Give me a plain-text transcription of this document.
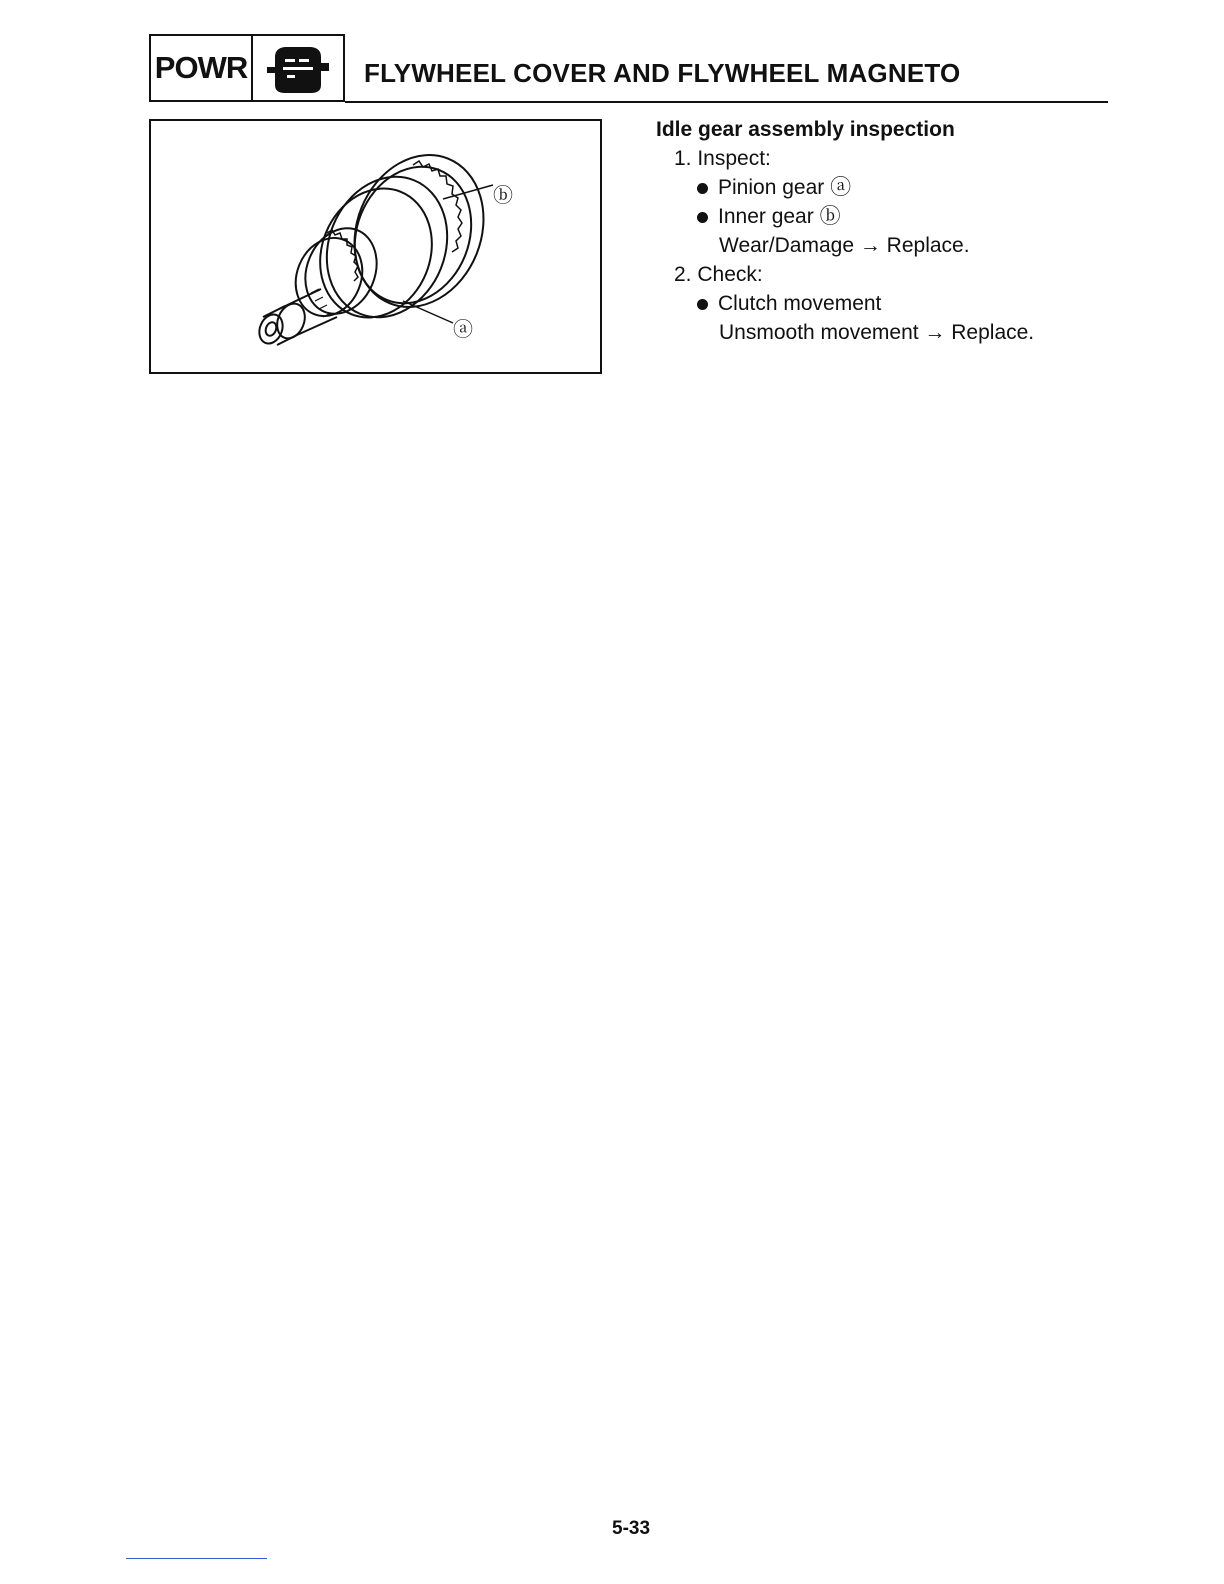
POWR	FLYWHEEL COVER AND FLYWHEEL MAGNETO
ⓑ
ⓐ
Idle gear assembly inspection
1. Inspect:
Pinion gear ⓐ
Inner gear ⓑ
Wear/Damage → Replace.
2. Check:
Clutch movement
Unsmooth movement → Replace.
5-33
